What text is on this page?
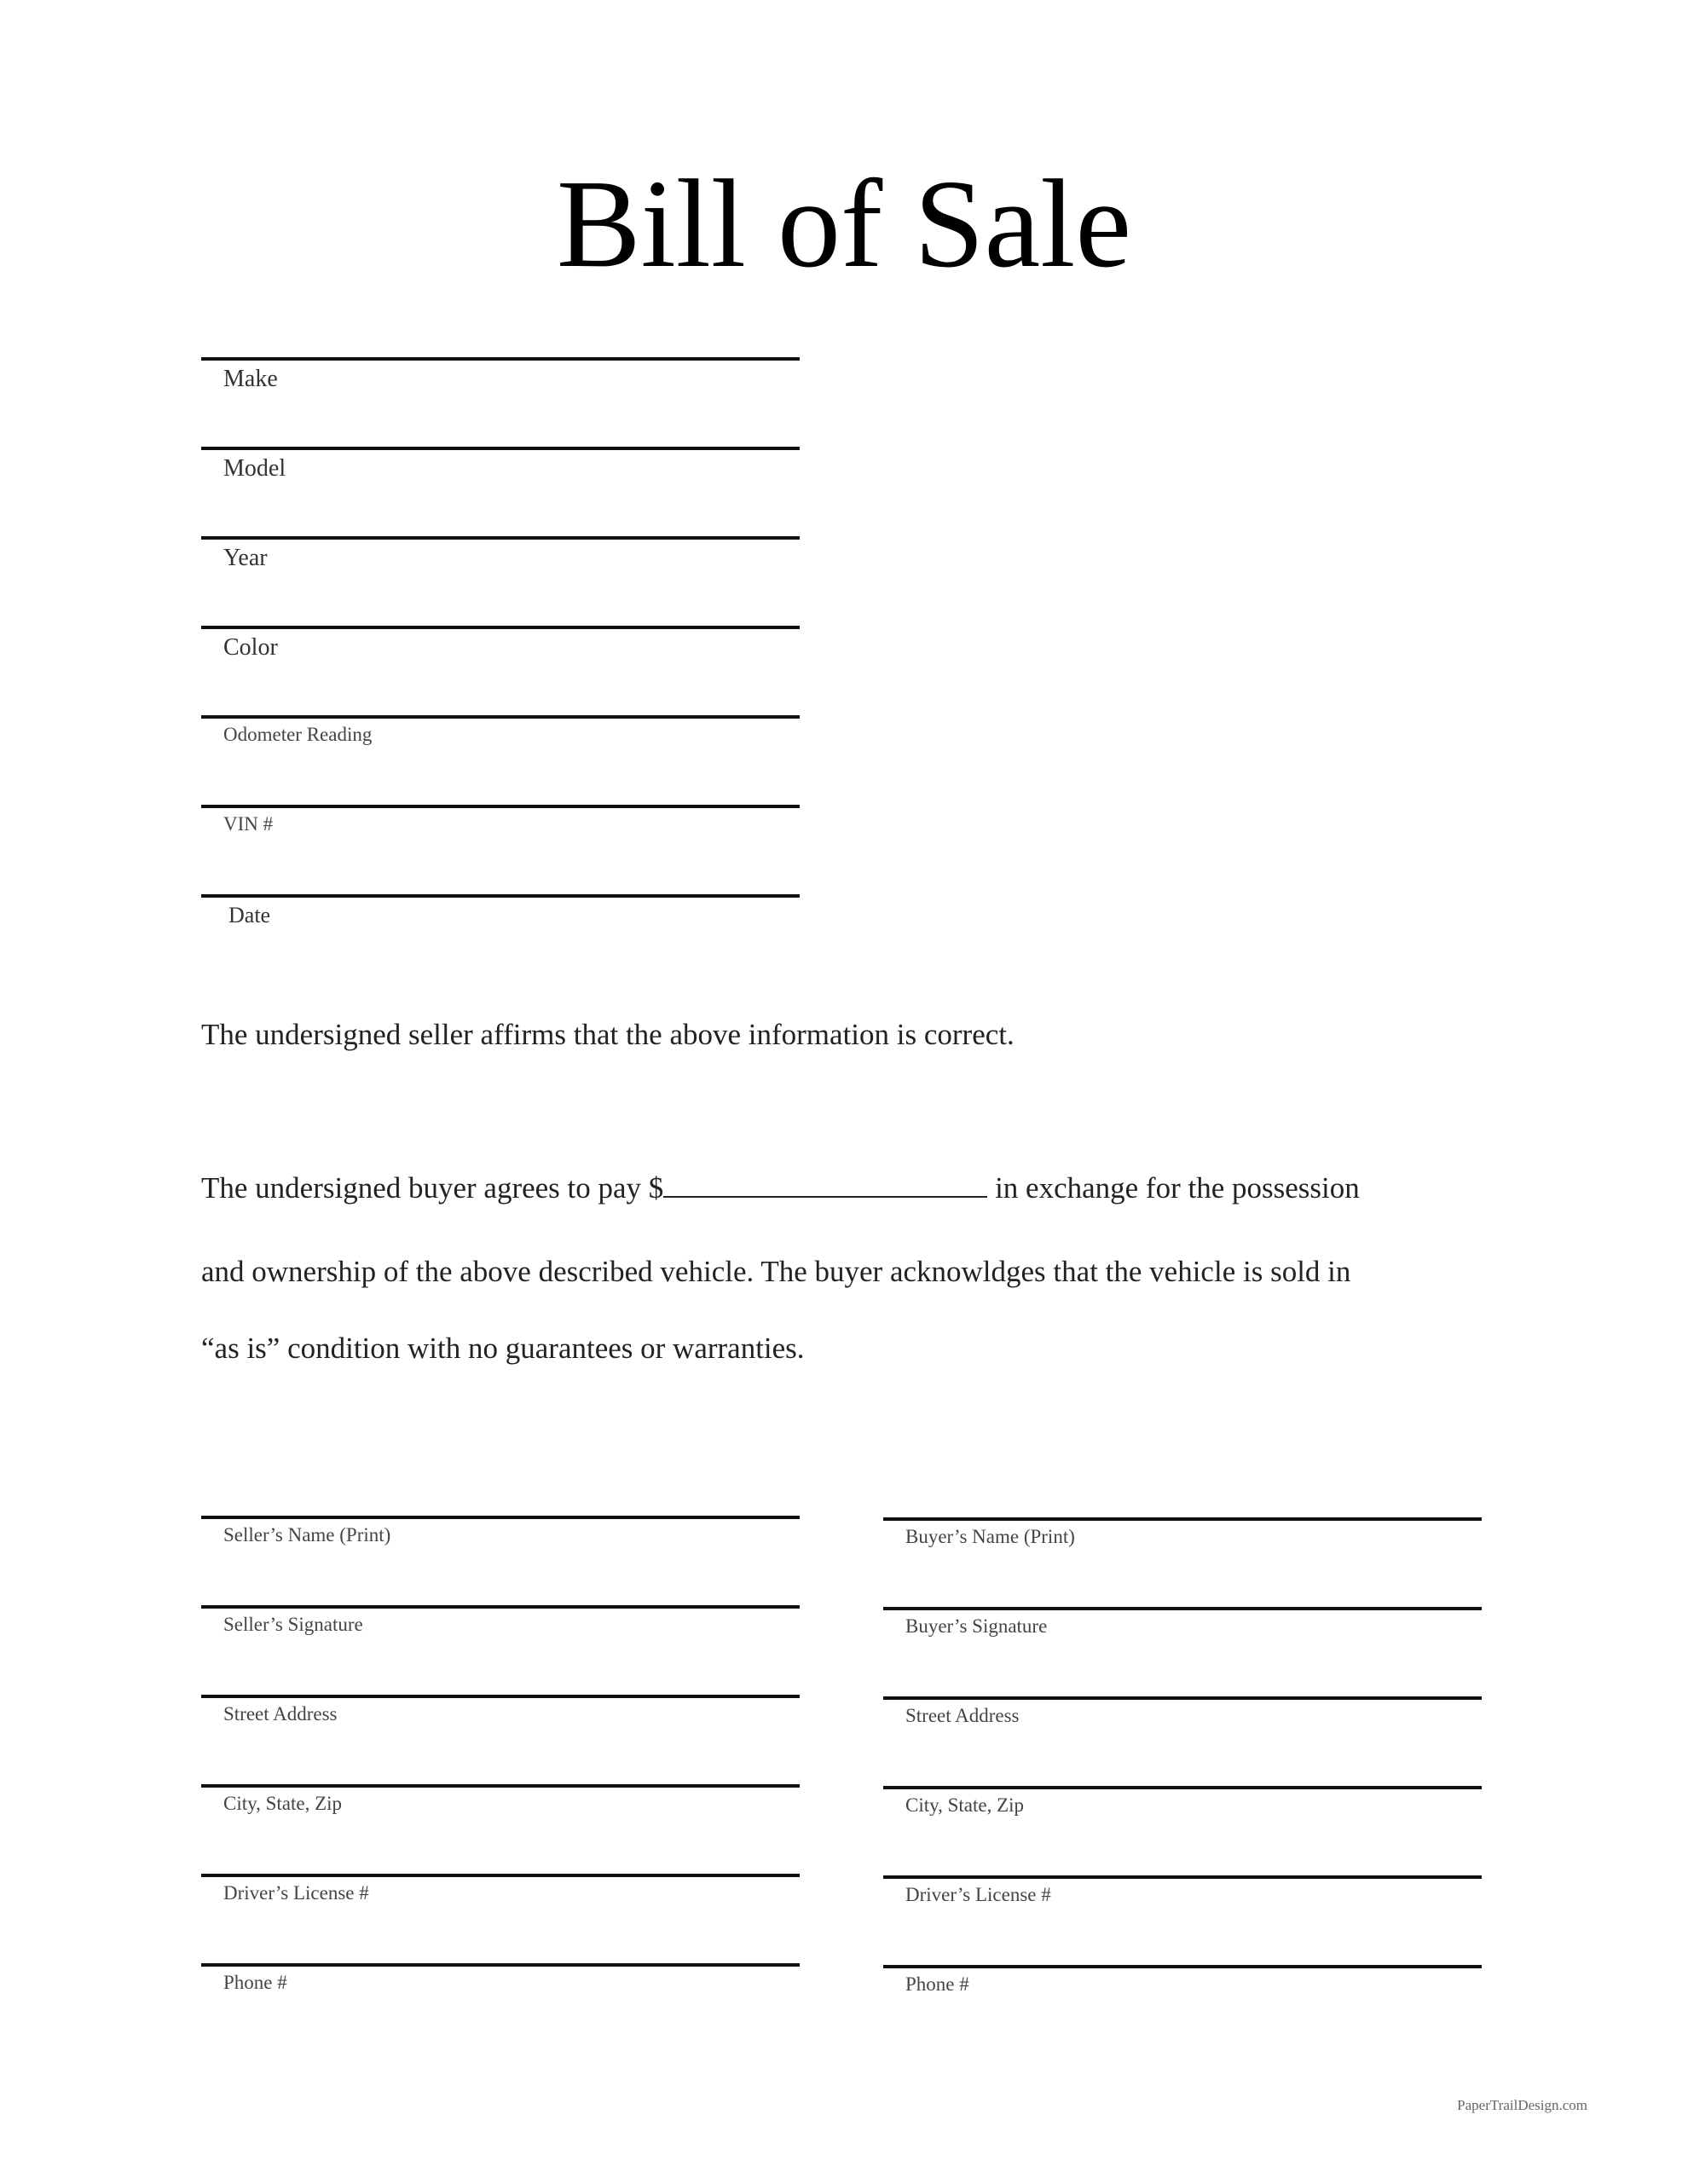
Bill of Sale
Make
Model
Year
Color
Odometer Reading
VIN #
Date

The undersigned seller affirms that the above information is correct.

The undersigned buyer agrees to pay $	in exchange for the possession

and ownership of the above described vehicle. The buyer acknowldges that the vehicle is sold in

“as is” condition with no guarantees or warranties.

Seller’s Name (Print)
Seller’s Signature
Street Address
City, State, Zip
Driver’s License #
Phone #
Buyer’s Name (Print)
Buyer’s Signature
Street Address
City, State, Zip
Driver’s License #
Phone #
PaperTrailDesign.com
